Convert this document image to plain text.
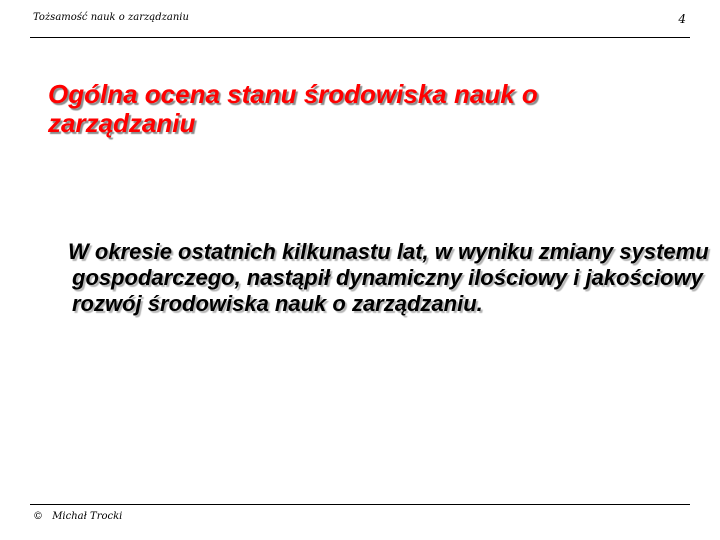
Tożsamość nauk o zarządzaniu	4
Ogólna ocena stanu środowiska nauk o zarządzaniu

W okresie ostatnich kilkunastu lat, w wyniku zmiany systemu gospodarczego, nastąpił dynamiczny ilościowy i jakościowy rozwój środowiska nauk o zarządzaniu.

© Michał Trocki
